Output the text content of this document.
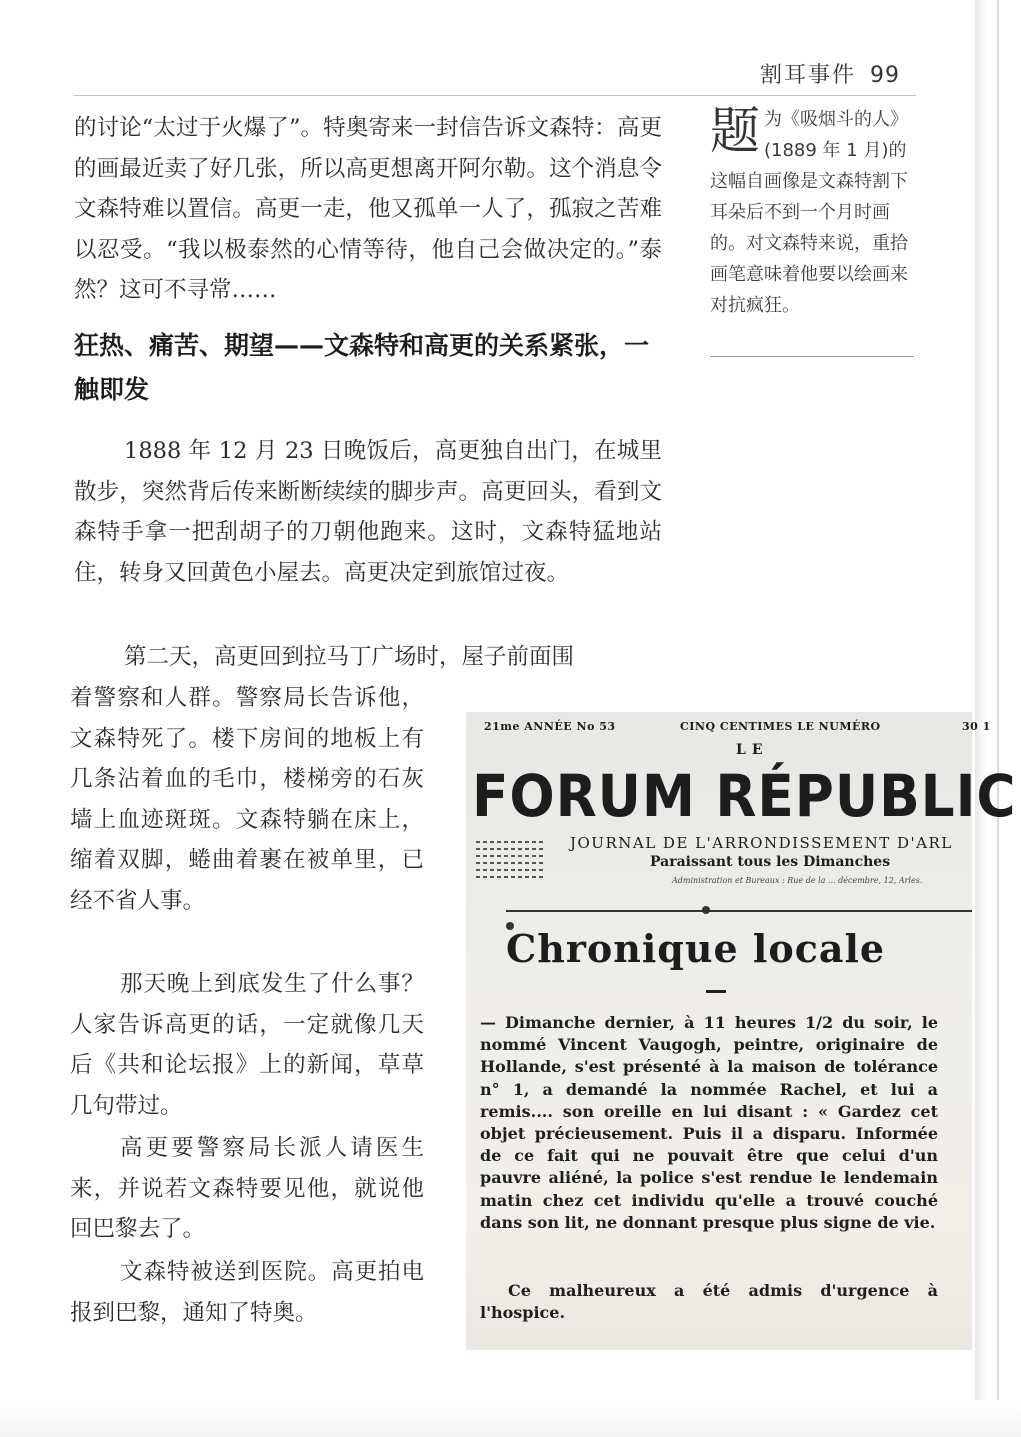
割耳事件 99

的讨论“太过于火爆了”。特奥寄来一封信告诉文森特：高更的画最近卖了好几张，所以高更想离开阿尔勒。这个消息令文森特难以置信。高更一走，他又孤单一人了，孤寂之苦难以忍受。“我以极泰然的心情等待，他自己会做决定的。”泰然？这可不寻常……

题 为《吸烟斗的人》(1889 年 1 月)的这幅自画像是文森特割下耳朵后不到一个月时画的。对文森特来说，重拾画笔意味着他要以绘画来对抗疯狂。

狂热、痛苦、期望——文森特和高更的关系紧张，一触即发

1888 年 12 月 23 日晚饭后，高更独自出门，在城里散步，突然背后传来断断续续的脚步声。高更回头，看到文森特手拿一把刮胡子的刀朝他跑来。这时，文森特猛地站住，转身又回黄色小屋去。高更决定到旅馆过夜。

第二天，高更回到拉马丁广场时，屋子前面围

着警察和人群。警察局长告诉他，文森特死了。楼下房间的地板上有几条沾着血的毛巾，楼梯旁的石灰墙上血迹斑斑。文森特躺在床上，缩着双脚，蜷曲着裹在被单里，已经不省人事。

那天晚上到底发生了什么事？人家告诉高更的话，一定就像几天后《共和论坛报》上的新闻，草草几句带过。

高更要警察局长派人请医生来，并说若文森特要见他，就说他回巴黎去了。

文森特被送到医院。高更拍电报到巴黎，通知了特奥。

21me ANNÉE No 53	CINQ CENTIMES LE NUMÉRO	30 1
LE
FORUM RÉPUBLIC
JOURNAL DE L'ARRONDISSEMENT D'ARL
Paraissant tous les Dimanches
Administration et Bureaux : Rue de la ... décembre, 12, Arles.
Chronique locale

— Dimanche dernier, à 11 heures 1/2 du soir, le nommé Vincent Vaugogh, peintre, originaire de Hollande, s'est présenté à la maison de tolérance n° 1, a demandé la nommée Rachel, et lui a remis.... son oreille en lui disant : « Gardez cet objet précieusement. Puis il a disparu. Informée de ce fait qui ne pouvait être que celui d'un pauvre aliéné, la police s'est rendue le lendemain matin chez cet individu qu'elle a trouvé couché dans son lit, ne donnant presque plus signe de vie.

Ce malheureux a été admis d'urgence à l'hospice.
